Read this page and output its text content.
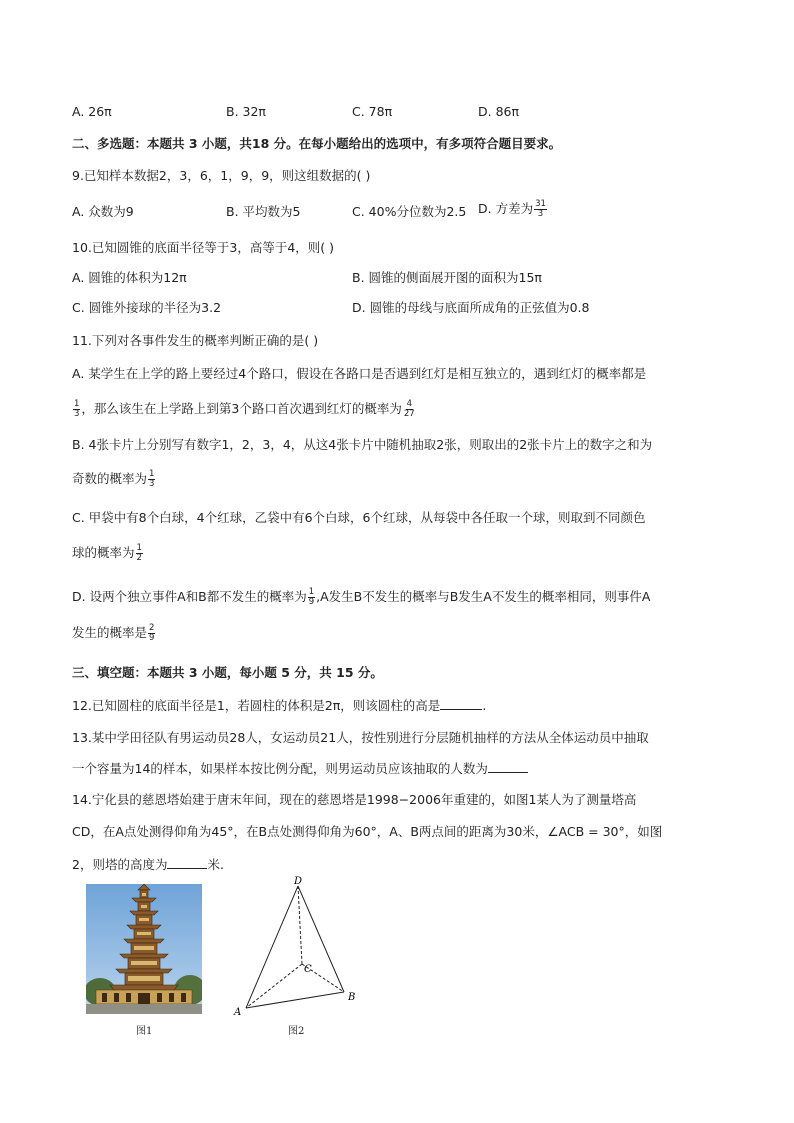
A. 26π	B. 32π	C. 78π	D. 86π
二、多选题：本题共 3 小题，共18 分。在每小题给出的选项中，有多项符合题目要求。
9.已知样本数据2，3，6，1，9，9，则这组数据的( )
A. 众数为9	B. 平均数为5	C. 40%分位数为2.5 D. 方差为 $\frac{31}{3}$
10.已知圆锥的底面半径等于3，高等于4，则( )
A. 圆锥的体积为12π	B. 圆锥的侧面展开图的面积为15π
C. 圆锥外接球的半径为3.2	D. 圆锥的母线与底面所成角的正弦值为0.8
11.下列对各事件发生的概率判断正确的是( )
A. 某学生在上学的路上要经过4个路口，假设在各路口是否遇到红灯是相互独立的，遇到红灯的概率都是
$\frac{1}{3}$ ，那么该生在上学路上到第3个路口首次遇到红灯的概率为 $\frac{4}{27}$
B. 4张卡片上分别写有数字1，2，3，4，从这4张卡片中随机抽取2张，则取出的2张卡片上的数字之和为
奇数的概率为 $\frac{1}{3}$
C. 甲袋中有8个白球，4个红球，乙袋中有6个白球，6个红球，从每袋中各任取一个球，则取到不同颜色
球的概率为 $\frac{1}{2}$
D. 设两个独立事件A和B都不发生的概率为 $\frac{1}{9} ,A$发生B不发生的概率与B发生A不发生的概率相同，则事件A
发生的概率是 $\frac{2}{9}$
三、填空题：本题共 3 小题，每小题 5 分，共 15 分。
12.已知圆柱的底面半径是1，若圆柱的体积是2π，则该圆柱的高是	.
13.某中学田径队有男运动员28人，女运动员21人，按性别进行分层随机抽样的方法从全体运动员中抽取
一个容量为14的样本，如果样本按比例分配，则男运动员应该抽取的人数为
14.宁化县的慈恩塔始建于唐末年间，现在的慈恩塔是1998−2006年重建的，如图1某人为了测量塔高
CD，在A点处测得仰角为45°，在B点处测得仰角为60°，A、B两点间的距离为30米，∠ACB = 30°，如图
2，则塔的高度为	米.
图1
D
C
A
B
图2
